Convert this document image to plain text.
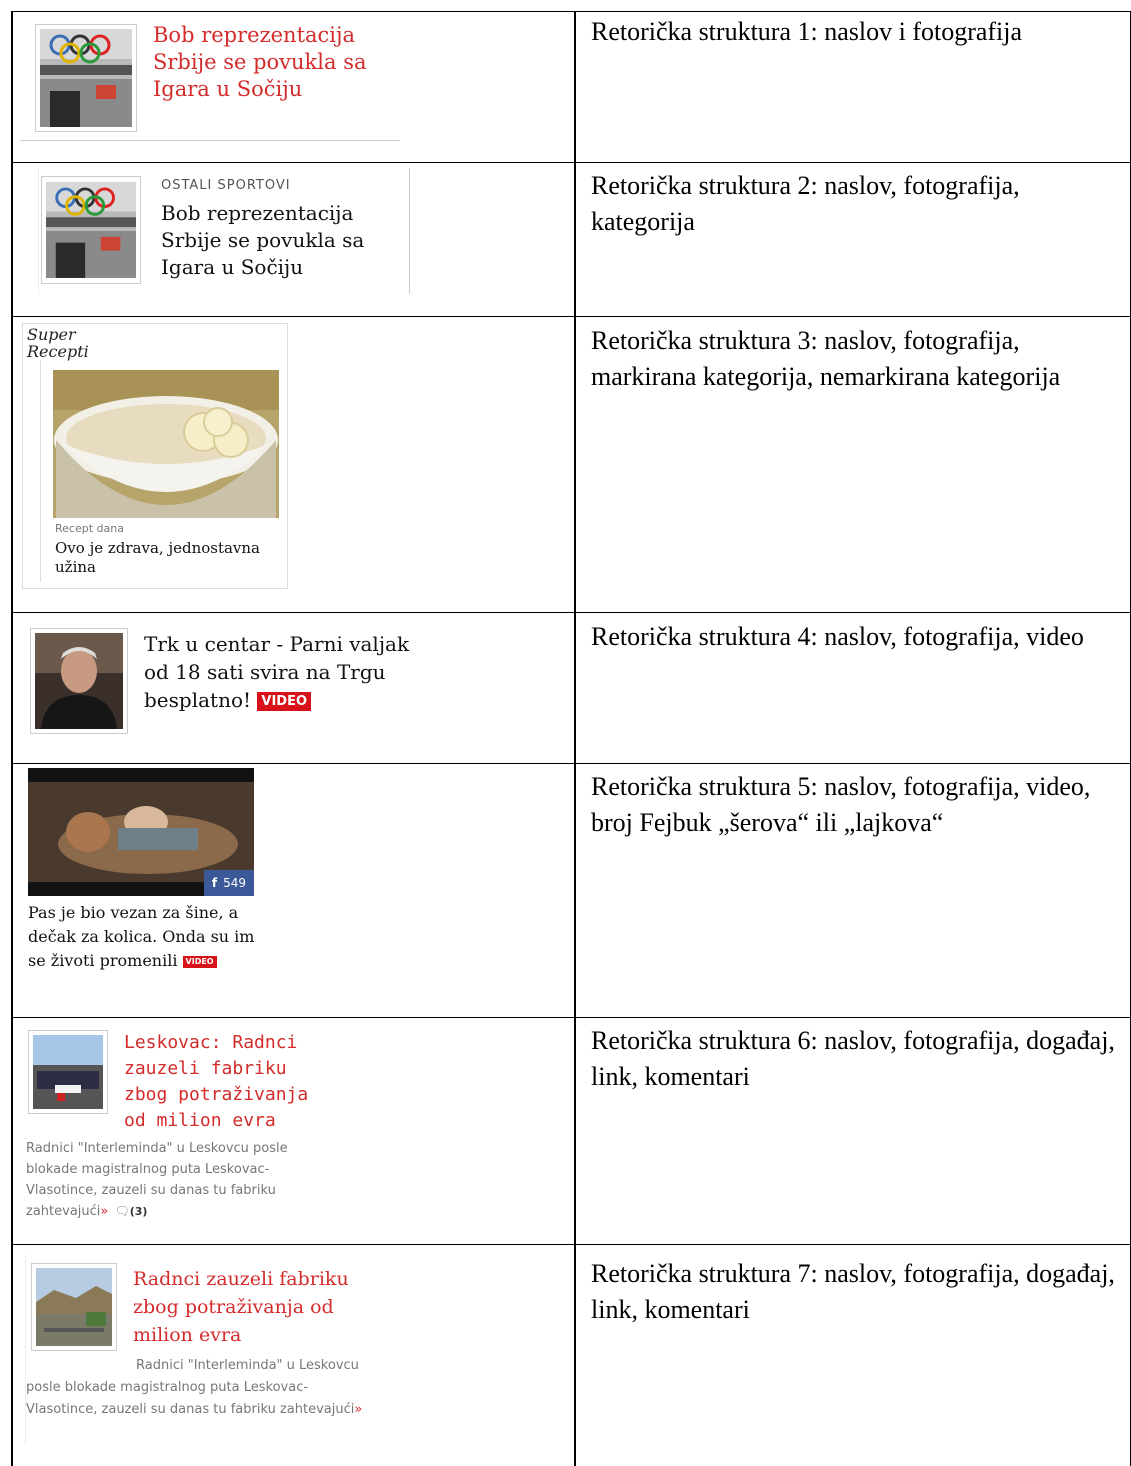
Bob reprezentacija Srbije se povukla sa Igara u Sočiju
Retorička struktura 1: naslov i fotografija
OSTALI SPORTOVI
Bob reprezentacija Srbije se povukla sa Igara u Sočiju
Retorička struktura 2: naslov, fotografija, kategorija
Super Recepti
Recept dana
Ovo je zdrava, jednostavna užina
Retorička struktura 3: naslov, fotografija, markirana kategorija, nemarkirana kategorija
Trk u centar - Parni valjak od 18 sati svira na Trgu besplatno! VIDEO
Retorička struktura 4: naslov, fotografija, video
f 549
Pas je bio vezan za šine, a dečak za kolica. Onda su im se životi promenili VIDEO
Retorička struktura 5: naslov, fotografija, video, broj Fejbuk „šerova“ ili „lajkova“
Leskovac: Radnci zauzeli fabriku zbog potraživanja od milion evra
Radnici "Interleminda" u Leskovcu posle blokade magistralnog puta Leskovac-Vlasotince, zauzeli su danas tu fabriku zahtevajući» 🗨(3)
Retorička struktura 6: naslov, fotografija, događaj, link, komentari
Radnci zauzeli fabriku zbog potraživanja od milion evra
Radnici "Interleminda" u Leskovcu posle blokade magistralnog puta Leskovac-Vlasotince, zauzeli su danas tu fabriku zahtevajući»
Retorička struktura 7: naslov, fotografija, događaj, link, komentari
